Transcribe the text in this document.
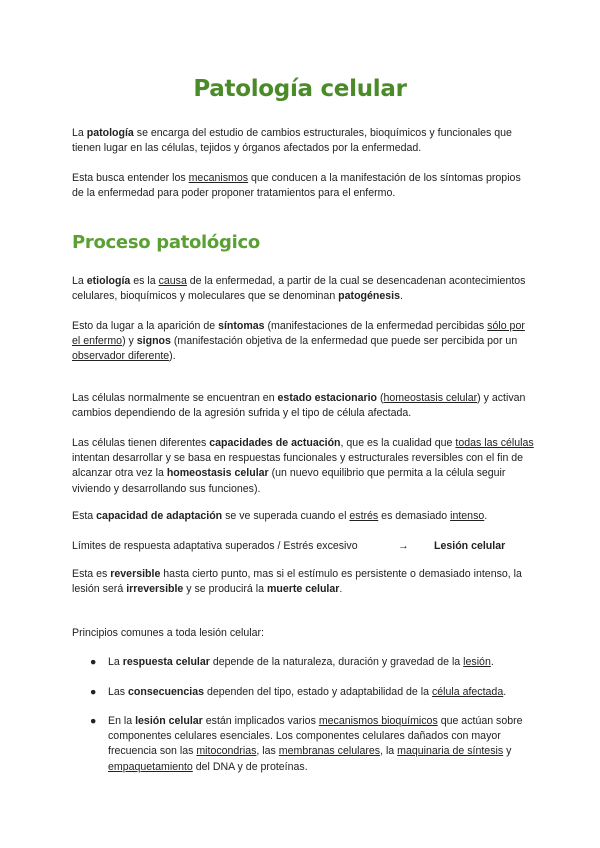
Patología celular

La patología se encarga del estudio de cambios estructurales, bioquímicos y funcionales que tienen lugar en las células, tejidos y órganos afectados por la enfermedad.

Esta busca entender los mecanismos que conducen a la manifestación de los síntomas propios de la enfermedad para poder proponer tratamientos para el enfermo.

Proceso patológico

La etiología es la causa de la enfermedad, a partir de la cual se desencadenan acontecimientos celulares, bioquímicos y moleculares que se denominan patogénesis.

Esto da lugar a la aparición de síntomas (manifestaciones de la enfermedad percibidas sólo por el enfermo) y signos (manifestación objetiva de la enfermedad que puede ser percibida por un observador diferente).

Las células normalmente se encuentran en estado estacionario (homeostasis celular) y activan cambios dependiendo de la agresión sufrida y el tipo de célula afectada.

Las células tienen diferentes capacidades de actuación, que es la cualidad que todas las células intentan desarrollar y se basa en respuestas funcionales y estructurales reversibles con el fin de alcanzar otra vez la homeostasis celular (un nuevo equilibrio que permita a la célula seguir viviendo y desarrollando sus funciones).

Esta capacidad de adaptación se ve superada cuando el estrés es demasiado intenso.

Límites de respuesta adaptativa superados / Estrés excesivo	→ Lesión celular

Esta es reversible hasta cierto punto, mas si el estímulo es persistente o demasiado intenso, la lesión será irreversible y se producirá la muerte celular.

Principios comunes a toda lesión celular:

● La respuesta celular depende de la naturaleza, duración y gravedad de la lesión.
● Las consecuencias dependen del tipo, estado y adaptabilidad de la célula afectada.
● En la lesión celular están implicados varios mecanismos bioquímicos que actúan sobre componentes celulares esenciales. Los componentes celulares dañados con mayor frecuencia son las mitocondrias, las membranas celulares, la maquinaria de síntesis y empaquetamiento del DNA y de proteínas.
